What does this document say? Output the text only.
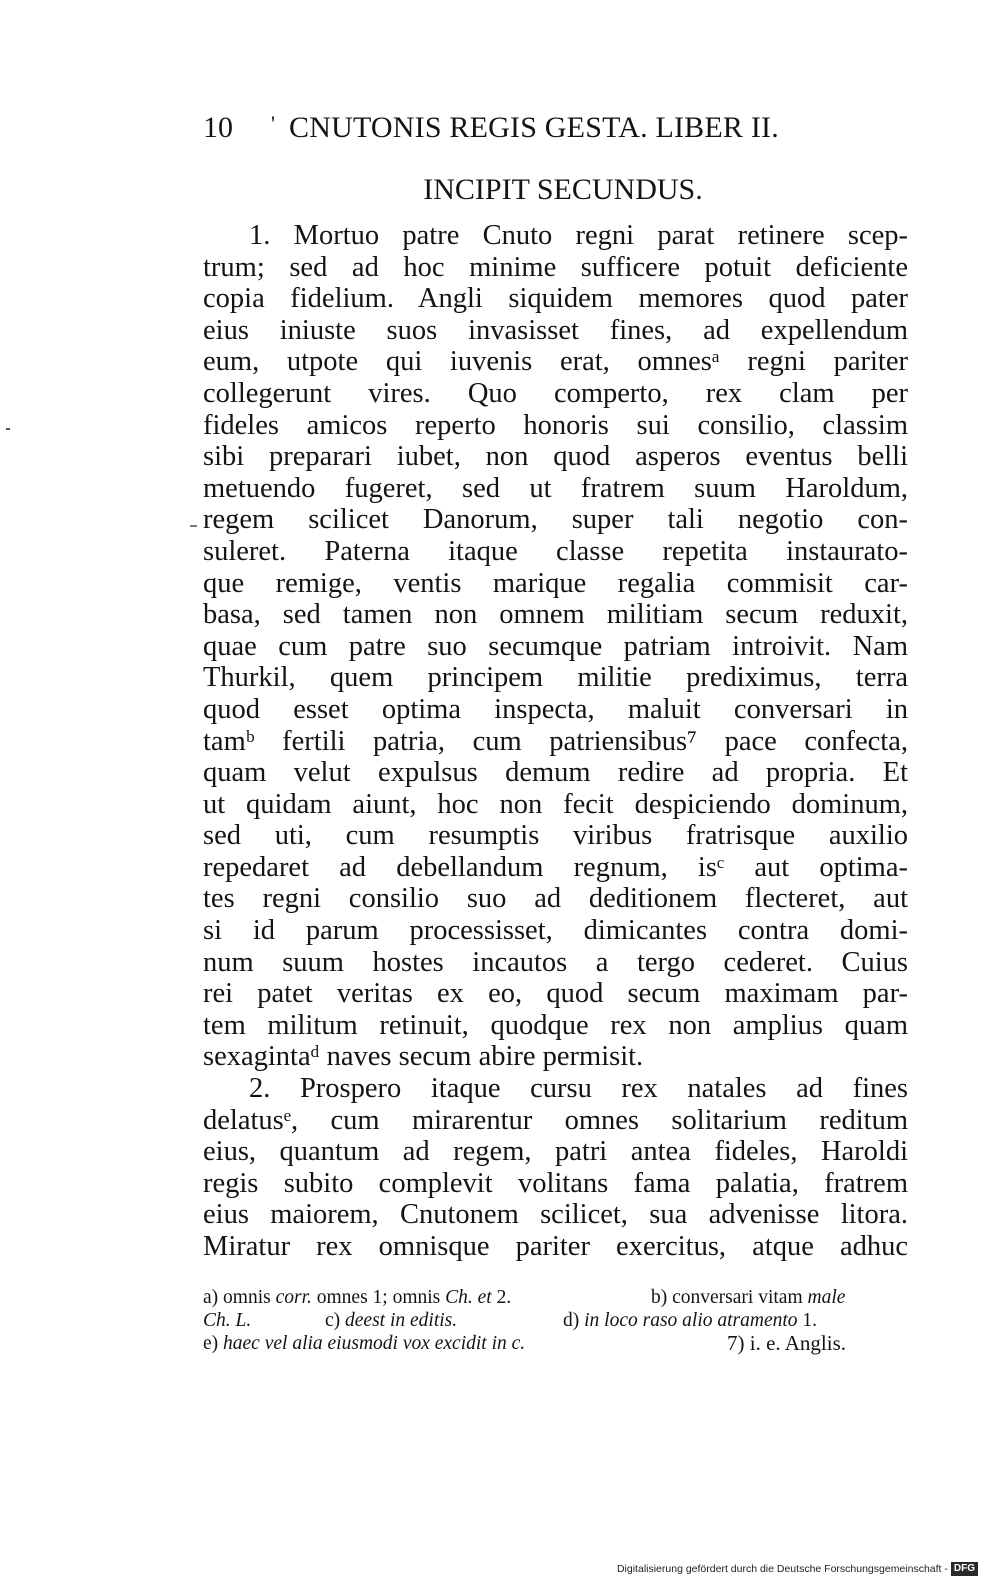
10 ' CNUTONIS REGIS GESTA. LIBER II.
INCIPIT SECUNDUS.
1. Mortuo patre Cnuto regni parat retinere scep-
trum; sed ad hoc minime sufficere potuit deficiente
copia fidelium. Angli siquidem memores quod pater
eius iniuste suos invasisset fines, ad expellendum
eum, utpote qui iuvenis erat, omnesᵃ regni pariter
collegerunt vires. Quo comperto, rex clam per
fideles amicos reperto honoris sui consilio, classim
sibi preparari iubet, non quod asperos eventus belli
metuendo fugeret, sed ut fratrem suum Haroldum,
regem scilicet Danorum, super tali negotio con-
suleret. Paterna itaque classe repetita instaurato-
que remige, ventis marique regalia commisit car-
basa, sed tamen non omnem militiam secum reduxit,
quae cum patre suo secumque patriam introivit. Nam
Thurkil, quem principem militie prediximus, terra
quod esset optima inspecta, maluit conversari in
tamᵇ fertili patria, cum patriensibus⁷ pace confecta,
quam velut expulsus demum redire ad propria. Et
ut quidam aiunt, hoc non fecit despiciendo dominum,
sed uti, cum resumptis viribus fratrisque auxilio
repedaret ad debellandum regnum, isᶜ aut optima-
tes regni consilio suo ad deditionem flecteret, aut
si id parum processisset, dimicantes contra domi-
num suum hostes incautos a tergo cederet. Cuius
rei patet veritas ex eo, quod secum maximam par-
tem militum retinuit, quodque rex non amplius quam
sexagintaᵈ naves secum abire permisit.
2. Prospero itaque cursu rex natales ad fines
delatusᵉ, cum mirarentur omnes solitarium reditum
eius, quantum ad regem, patri antea fideles, Haroldi
regis subito complevit volitans fama palatia, fratrem
eius maiorem, Cnutonem scilicet, sua advenisse litora.
Miratur rex omnisque pariter exercitus, atque adhuc
a) omnis corr. omnes 1; omnis Ch. et 2.	b) conversari vitam male
Ch. L.	c) deest in editis.	d) in loco raso alio atramento 1.
e) haec vel alia eiusmodi vox excidit in c.	7) i. e. Anglis.
Digitalisierung gefördert durch die Deutsche Forschungsgemeinschaft - DFG
